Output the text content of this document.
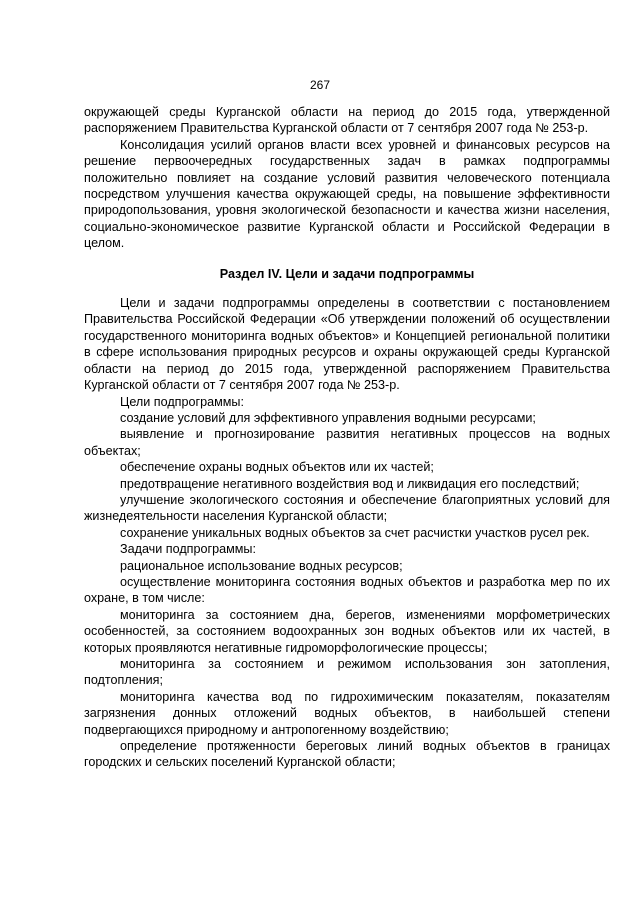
267

окружающей среды Курганской области на период до 2015 года, утвержденной распоряжением Правительства Курганской области от 7 сентября 2007 года № 253-р.

Консолидация усилий органов власти всех уровней и финансовых ресурсов на решение первоочередных государственных задач в рамках подпрограммы положительно повлияет на создание условий развития человеческого потенциала посредством улучшения качества окружающей среды, на повышение эффективности природопользования, уровня экологической безопасности и качества жизни населения, социально-экономическое развитие Курганской области и Российской Федерации в целом.

Раздел IV. Цели и задачи подпрограммы

Цели и задачи подпрограммы определены в соответствии с постановлением Правительства Российской Федерации «Об утверждении положений об осуществлении государственного мониторинга водных объектов» и Концепцией региональной политики в сфере использования природных ресурсов и охраны окружающей среды Курганской области на период до 2015 года, утвержденной распоряжением Правительства Курганской области от 7 сентября 2007 года № 253-р.

Цели подпрограммы:

создание условий для эффективного управления водными ресурсами;

выявление и прогнозирование развития негативных процессов на водных объектах;

обеспечение охраны водных объектов или их частей;

предотвращение негативного воздействия вод и ликвидация его последствий;

улучшение экологического состояния и обеспечение благоприятных условий для жизнедеятельности населения Курганской области;

сохранение уникальных водных объектов за счет расчистки участков русел рек.

Задачи подпрограммы:

рациональное использование водных ресурсов;

осуществление мониторинга состояния водных объектов и разработка мер по их охране, в том числе:

мониторинга за состоянием дна, берегов, изменениями морфометрических особенностей, за состоянием водоохранных зон водных объектов или их частей, в которых проявляются негативные гидроморфологические процессы;

мониторинга за состоянием и режимом использования зон затопления, подтопления;

мониторинга качества вод по гидрохимическим показателям, показателям загрязнения донных отложений водных объектов, в наибольшей степени подвергающихся природному и антропогенному воздействию;

определение протяженности береговых линий водных объектов в границах городских и сельских поселений Курганской области;
